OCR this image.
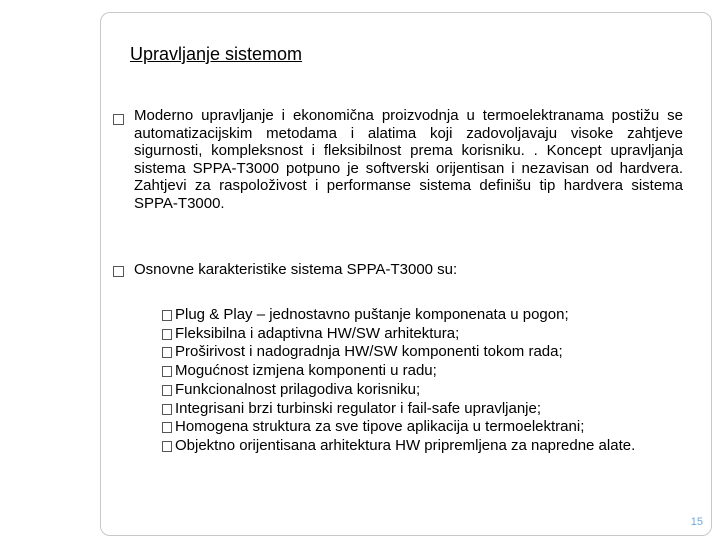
Upravljanje sistemom
Moderno upravljanje i ekonomična proizvodnja u termoelektranama postižu se automatizacijskim metodama i alatima koji zadovoljavaju visoke zahtjeve sigurnosti, kompleksnost i fleksibilnost prema korisniku. . Koncept upravljanja sistema SPPA-T3000 potpuno je softverski orijentisan i nezavisan od hardvera. Zahtjevi za raspoloživost i performanse sistema definišu tip hardvera sistema SPPA-T3000.
Osnovne karakteristike sistema SPPA-T3000 su:
Plug & Play – jednostavno puštanje komponenata u pogon;
Fleksibilna i adaptivna HW/SW arhitektura;
Proširivost i nadogradnja HW/SW komponenti tokom rada;
Mogućnost izmjena komponenti u radu;
Funkcionalnost prilagodiva korisniku;
Integrisani brzi turbinski regulator i fail-safe upravljanje;
Homogena struktura za sve tipove aplikacija u termoelektrani;
Objektno orijentisana arhitektura HW pripremljena za napredne alate.
15
